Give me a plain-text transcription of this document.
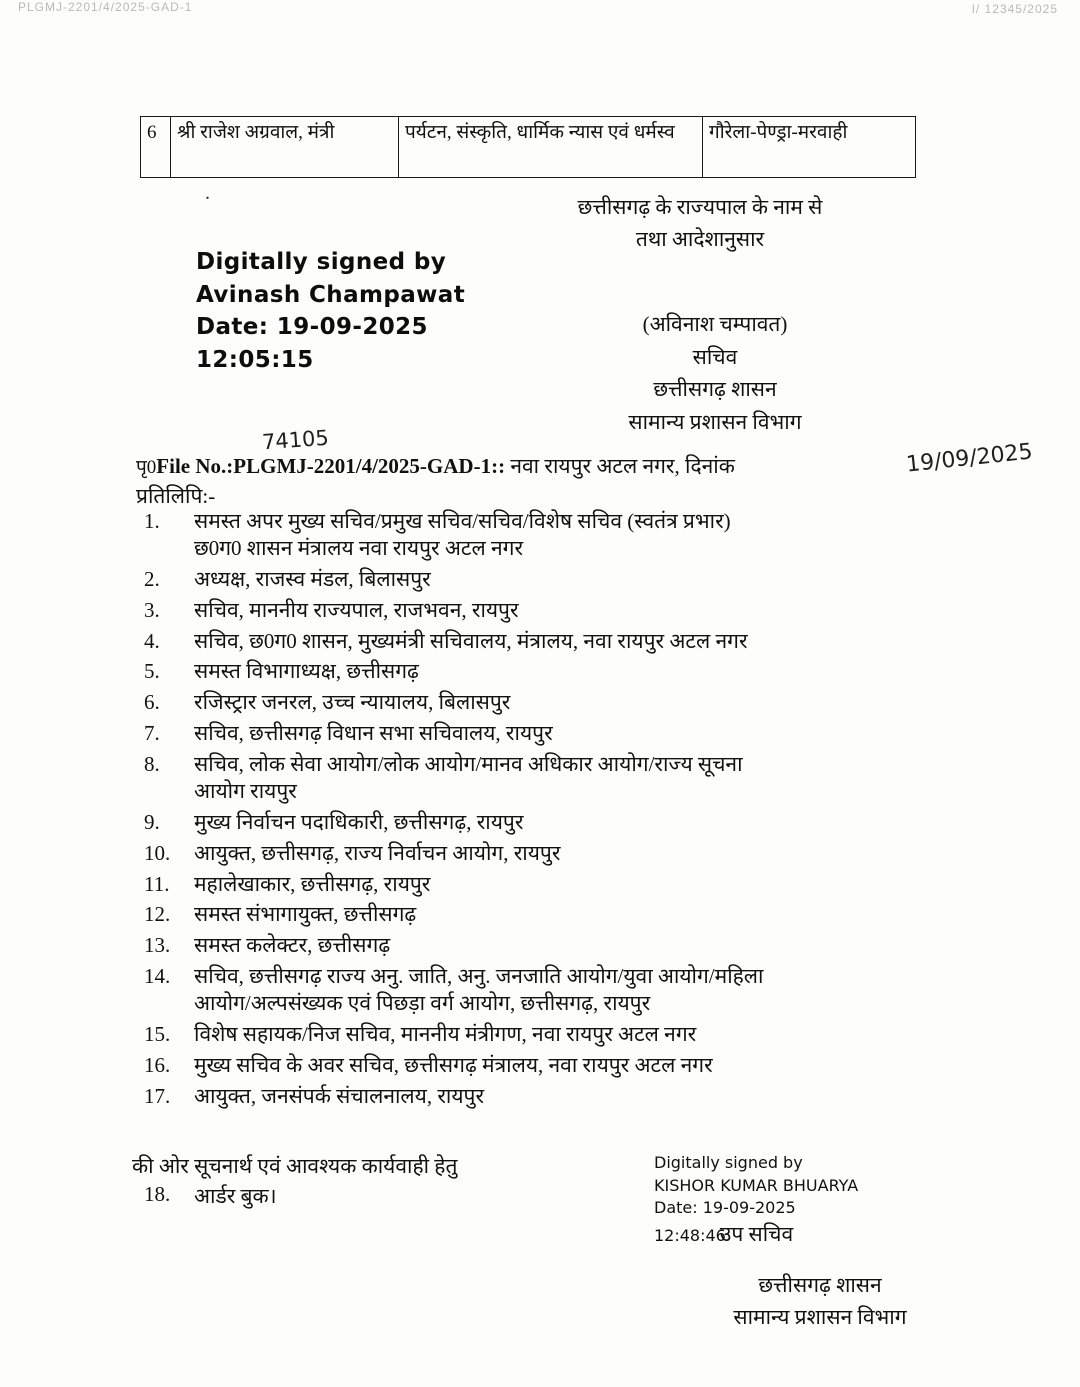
PLGMJ-2201/4/2025-GAD-1	I/ 12345/2025
6	श्री राजेश अग्रवाल, मंत्री	पर्यटन, संस्कृति, धार्मिक न्यास एवं धर्मस्व	गौरेला-पेण्ड्रा-मरवाही
.
छत्तीसगढ़ के राज्यपाल के नाम से
तथा आदेशानुसार
Digitally signed by
Avinash Champawat
Date: 19-09-2025
12:05:15
(अविनाश चम्पावत)
सचिव
छत्तीसगढ़ शासन
सामान्य प्रशासन विभाग
74105
पृ0File No.:PLGMJ-2201/4/2025-GAD-1:: नवा रायपुर अटल नगर, दिनांक	19/09/2025
प्रतिलिपि:-
1.	समस्त अपर मुख्य सचिव/प्रमुख सचिव/सचिव/विशेष सचिव (स्वतंत्र प्रभार)
छ0ग0 शासन मंत्रालय नवा रायपुर अटल नगर
2.	अध्यक्ष, राजस्व मंडल, बिलासपुर
3.	सचिव, माननीय राज्यपाल, राजभवन, रायपुर
4.	सचिव, छ0ग0 शासन, मुख्यमंत्री सचिवालय, मंत्रालय, नवा रायपुर अटल नगर
5.	समस्त विभागाध्यक्ष, छत्तीसगढ़
6.	रजिस्ट्रार जनरल, उच्च न्यायालय, बिलासपुर
7.	सचिव, छत्तीसगढ़ विधान सभा सचिवालय, रायपुर
8.	सचिव, लोक सेवा आयोग/लोक आयोग/मानव अधिकार आयोग/राज्य सूचना
आयोग रायपुर
9.	मुख्य निर्वाचन पदाधिकारी, छत्तीसगढ़, रायपुर
10.	आयुक्त, छत्तीसगढ़, राज्य निर्वाचन आयोग, रायपुर
11.	महालेखाकार, छत्तीसगढ़, रायपुर
12.	समस्त संभागायुक्त, छत्तीसगढ़
13.	समस्त कलेक्टर, छत्तीसगढ़
14.	सचिव, छत्तीसगढ़ राज्य अनु. जाति, अनु. जनजाति आयोग/युवा आयोग/महिला
आयोग/अल्पसंख्यक एवं पिछड़ा वर्ग आयोग, छत्तीसगढ़, रायपुर
15.	विशेष सहायक/निज सचिव, माननीय मंत्रीगण, नवा रायपुर अटल नगर
16.	मुख्य सचिव के अवर सचिव, छत्तीसगढ़ मंत्रालय, नवा रायपुर अटल नगर
17.	आयुक्त, जनसंपर्क संचालनालय, रायपुर
की ओर सूचनार्थ एवं आवश्यक कार्यवाही हेतु
18.	आर्डर बुक।
Digitally signed by
KISHOR KUMAR BHUARYA
Date: 19-09-2025
12:48:46उप सचिव
छत्तीसगढ़ शासन
सामान्य प्रशासन विभाग
